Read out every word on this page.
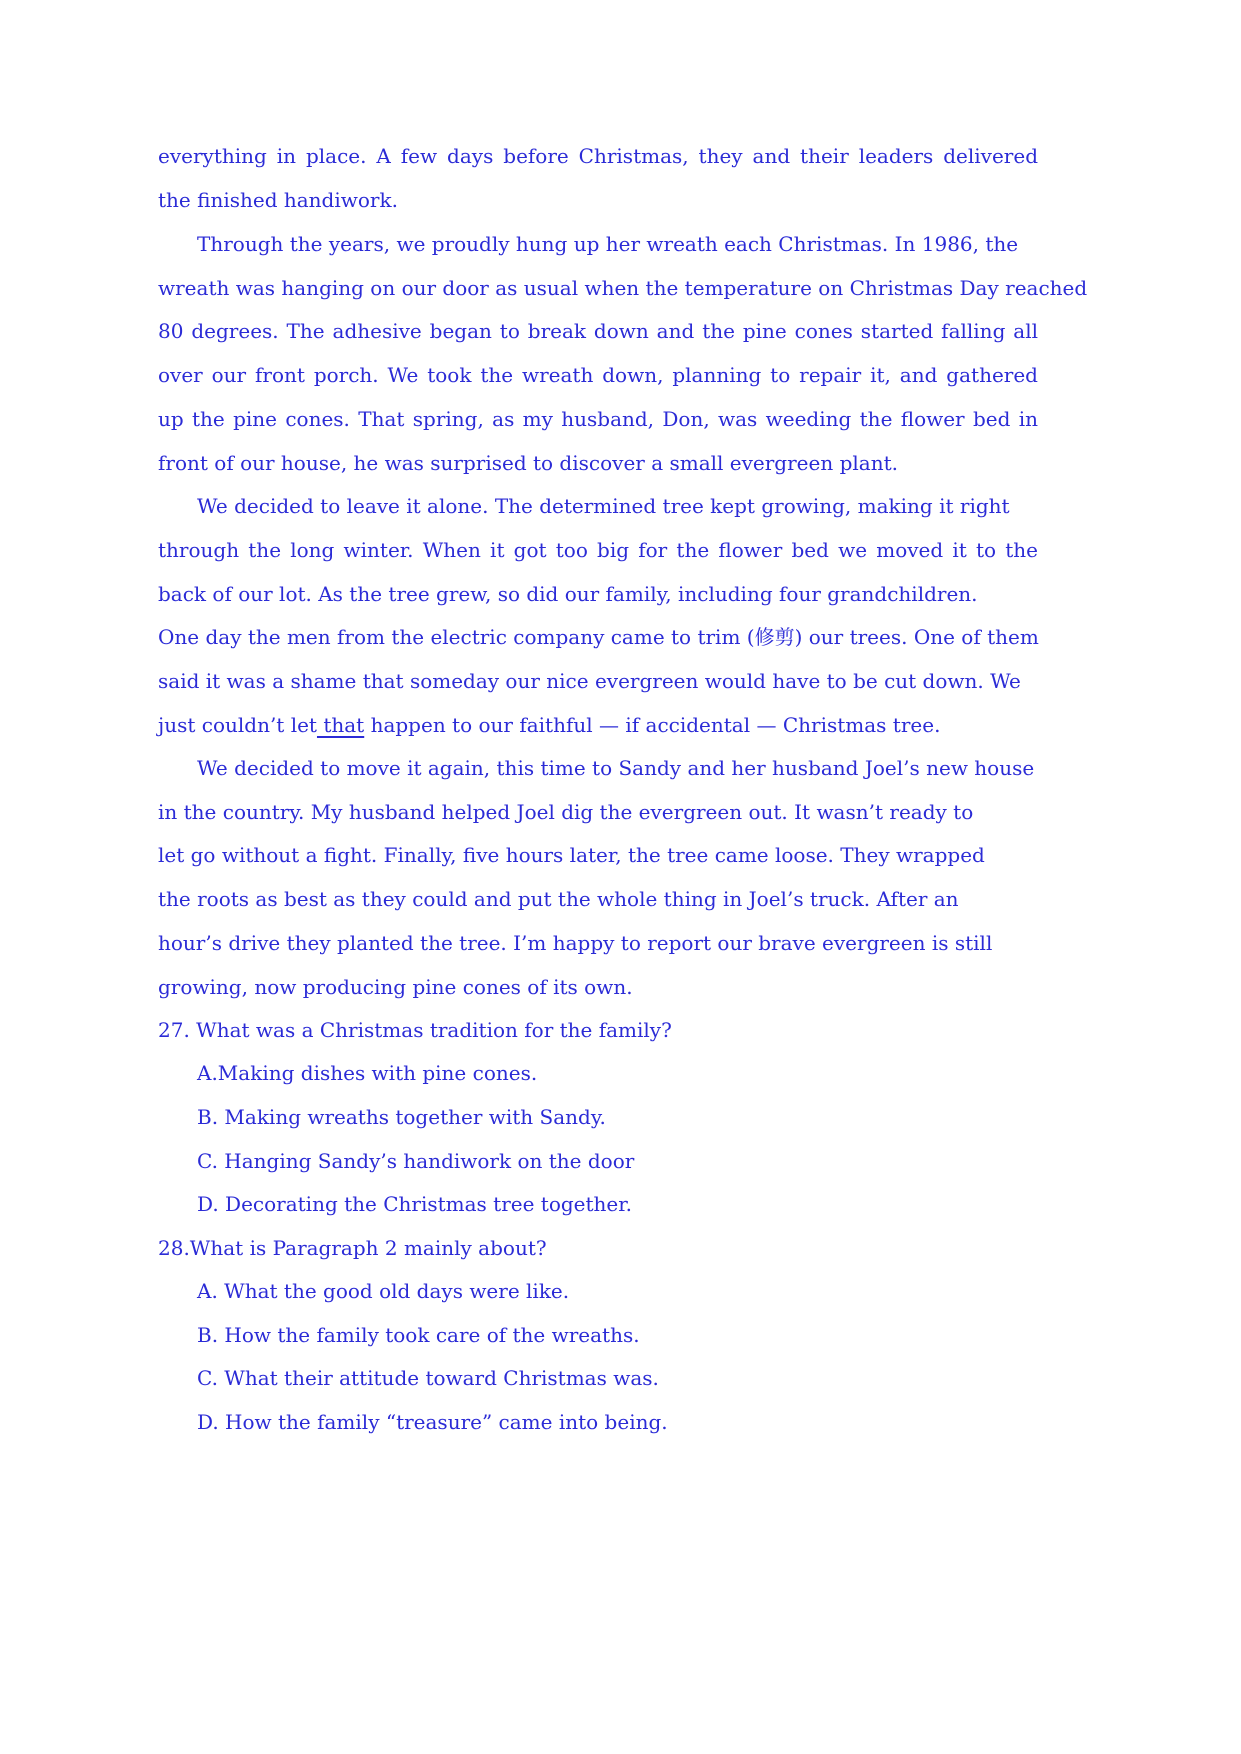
everything in place. A few days before Christmas, they and their leaders delivered
the finished handiwork.
Through the years, we proudly hung up her wreath each Christmas. In 1986, the
wreath was hanging on our door as usual when the temperature on Christmas Day reached
80 degrees. The adhesive began to break down and the pine cones started falling all
over our front porch. We took the wreath down, planning to repair it, and gathered
up the pine cones. That spring, as my husband, Don, was weeding the flower bed in
front of our house, he was surprised to discover a small evergreen plant.
We decided to leave it alone. The determined tree kept growing, making it right
through the long winter. When it got too big for the flower bed we moved it to the
back of our lot. As the tree grew, so did our family, including four grandchildren.
One day the men from the electric company came to trim (修剪) our trees. One of them
said it was a shame that someday our nice evergreen would have to be cut down. We
just couldn’t let that happen to our faithful — if accidental — Christmas tree.
We decided to move it again, this time to Sandy and her husband Joel’s new house
in the country. My husband helped Joel dig the evergreen out. It wasn’t ready to
let go without a fight. Finally, five hours later, the tree came loose. They wrapped
the roots as best as they could and put the whole thing in Joel’s truck. After an
hour’s drive they planted the tree. I’m happy to report our brave evergreen is still
growing, now producing pine cones of its own.
27. What was a Christmas tradition for the family?
A.Making dishes with pine cones.
B. Making wreaths together with Sandy.
C. Hanging Sandy’s handiwork on the door
D. Decorating the Christmas tree together.
28.What is Paragraph 2 mainly about?
A. What the good old days were like.
B. How the family took care of the wreaths.
C. What their attitude toward Christmas was.
D. How the family “treasure” came into being.
